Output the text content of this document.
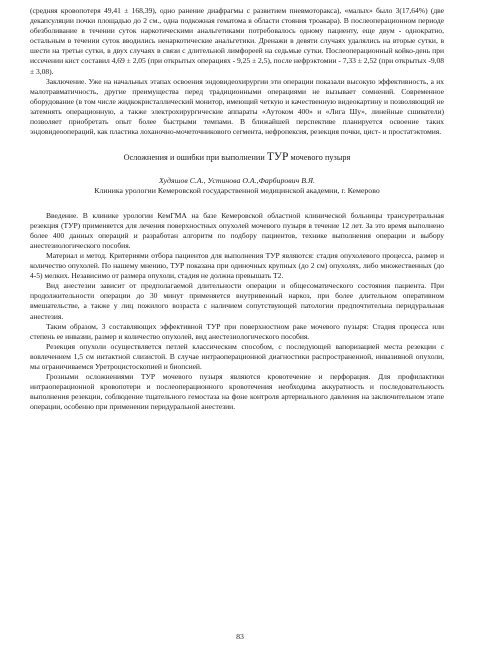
(средняя кровопотеря 49,41 ± 168,39), одно ранение диафрагмы с развитием пневмоторакса), «малых» было 3(17,64%) (две декапсуляции почки площадью до 2 см., одна подкожная гематома в области стояния троакара). В послеоперационном периоде обезболивание в течении суток наркотическими анальгетиками потребовалось одному пациенту, еще двум - однократно, остальным в течении суток вводились ненаркотические анальгетики. Дренажи в девяти случаях удалялись на вторые сутки, в шести на третьи сутки, в двух случаях в связи с длительной лимфореей на седьмые сутки. Послеоперационный койко-день при иссечении кист составил 4,69 ± 2,05 (при открытых операциях - 9,25 ± 2,5), после нефрэктомии - 7,33 ± 2,52 (при открытых -9,08 ± 3,08).

Заключение. Уже на начальных этапах освоения эндовидеохирургии эти операции показали высокую эффективность, а их малотравматичность, другие преимущества перед традиционными операциями не вызывает сомнений. Современное оборудование (в том числе жидкокристаллический монитор, имеющий четкую и качественную видеокартину и позволяющий не затемнять операционную, а также электрохирургические аппараты «Аутоком 400» и «Лига Шу», линейные сшиватели) позволяет приобретать опыт более быстрыми темпами. В ближайшей перспективе планируется освоение таких эндовидеоопераций, как пластика лоханочно-мочеточникового сегмента, нефропексия, резекция почки, цист- и простатэктомия.

Осложнения и ошибки при выполнении ТУР мочевого пузыря
Худяшов С.А., Устинова О.А.,Фарбирович В.Я.
Клиника урологии Кемеровской государственной медицинской академии, г. Кемерово

Введение. В клинике урологии КемГМА на базе Кемеровской областной клинической больницы трансуретральная резекция (ТУР) применяется для лечения поверхностных опухолей мочевого пузыря в течение 12 лет. За это время выполнено более 400 данных операций и разработан алгоритм по подбору пациентов, технике выполнения операции и выбору анестезиологического пособия.

Материал и метод. Критериями отбора пациентов для выполнения ТУР являются: стадия опухолевого процесса, размер и количество опухолей. По нашему мнению, ТУР показана при одиночных крупных (до 2 см) опухолях, либо множественных (до 4-5) мелких. Независимо от размера опухоли, стадия не должна превышать Т2.

Вид анестезии зависит от предполагаемой длительности операции и общесоматического состояния пациента. При продолжительности операции до 30 минут применяется внутривенный наркоз, при болеe длительном оперативном вмешательстве, а также у лиц пожилого возраста с наличием сопутствующей патологии предпочтительна перидуральная анестезия.

Таким образом, 3 составляющих эффективной ТУР при поверхностном раке мочевого пузыря: Стадия процесса или степень ее инвазии, размер и количество опухолей, вид анестезиологического пособия.

Резекция опухоли осуществляется петлей классическим способом, с последующей вапоризацией места резекции с вовлечением 1,5 см интактной слизистой. В случае интраоперационной диагностики распространенной, инвазивной опухоли, мы ограничиваемся Уретроцистоскопией и биопсией.

Грозными осложнениями ТУР мочевого пузыря являются кровотечение и перфорация. Для профилактики интраоперационной кровопотери и послеоперационного кровотечения необходима аккуратность и последовательность выполнения резекции, соблюдение тщательного гемостаза на фоне контроля артериального давления на заключительном этапе операции, особенно при применении перидуральной анестезии.

83
